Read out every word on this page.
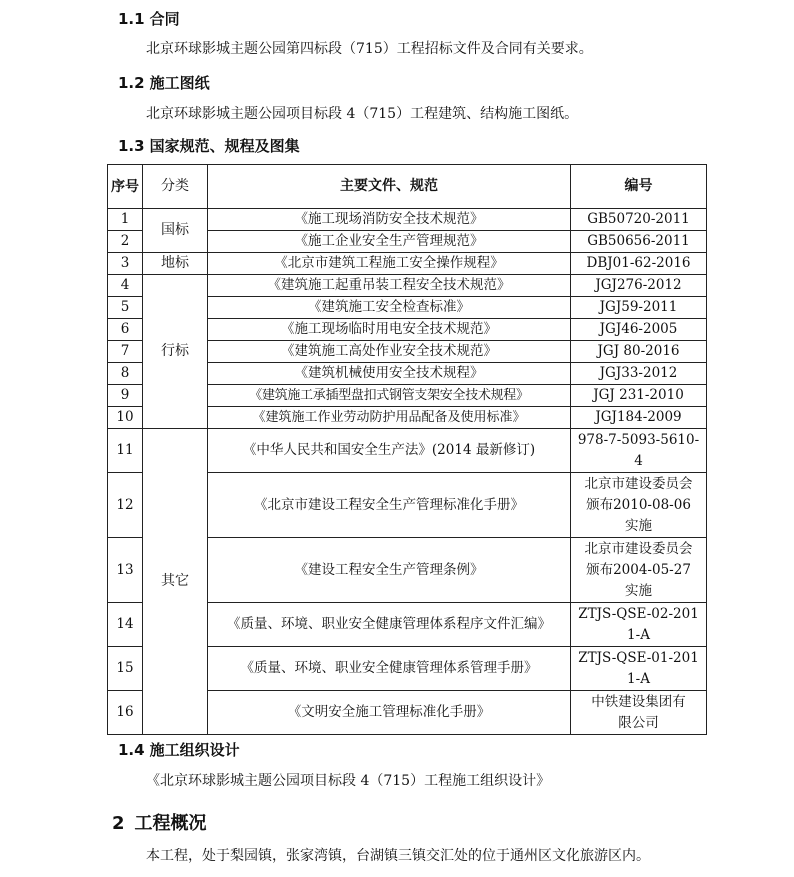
1.1 合同
北京环球影城主题公园第四标段（715）工程招标文件及合同有关要求。
1.2 施工图纸
北京环球影城主题公园项目标段 4（715）工程建筑、结构施工图纸。
1.3 国家规范、规程及图集
序号	分类	主要文件、规范	编号
1	国标	《施工现场消防安全技术规范》	GB50720-2011
2		《施工企业安全生产管理规范》	GB50656-2011
3	地标	《北京市建筑工程施工安全操作规程》	DBJ01-62-2016
4	行标	《建筑施工起重吊装工程安全技术规范》	JGJ276-2012
5		《建筑施工安全检查标准》	JGJ59-2011
6		《施工现场临时用电安全技术规范》	JGJ46-2005
7		《建筑施工高处作业安全技术规范》	JGJ 80-2016
8		《建筑机械使用安全技术规程》	JGJ33-2012
9		《建筑施工承插型盘扣式钢管支架安全技术规程》	JGJ 231-2010
10		《建筑施工作业劳动防护用品配备及使用标准》	JGJ184-2009
11	其它	《中华人民共和国安全生产法》(2014 最新修订)	978-7-5093-5610-4
12		《北京市建设工程安全生产管理标准化手册》	北京市建设委员会颁布2010-08-06 实施
13		《建设工程安全生产管理条例》	北京市建设委员会颁布2004-05-27 实施
14		《质量、环境、职业安全健康管理体系程序文件汇编》	ZTJS-QSE-02-2011-A
15		《质量、环境、职业安全健康管理体系管理手册》	ZTJS-QSE-01-2011-A
16		《文明安全施工管理标准化手册》	中铁建设集团有限公司
1.4 施工组织设计
《北京环球影城主题公园项目标段 4（715）工程施工组织设计》
2 工程概况
本工程，处于梨园镇，张家湾镇，台湖镇三镇交汇处的位于通州区文化旅游区内。
